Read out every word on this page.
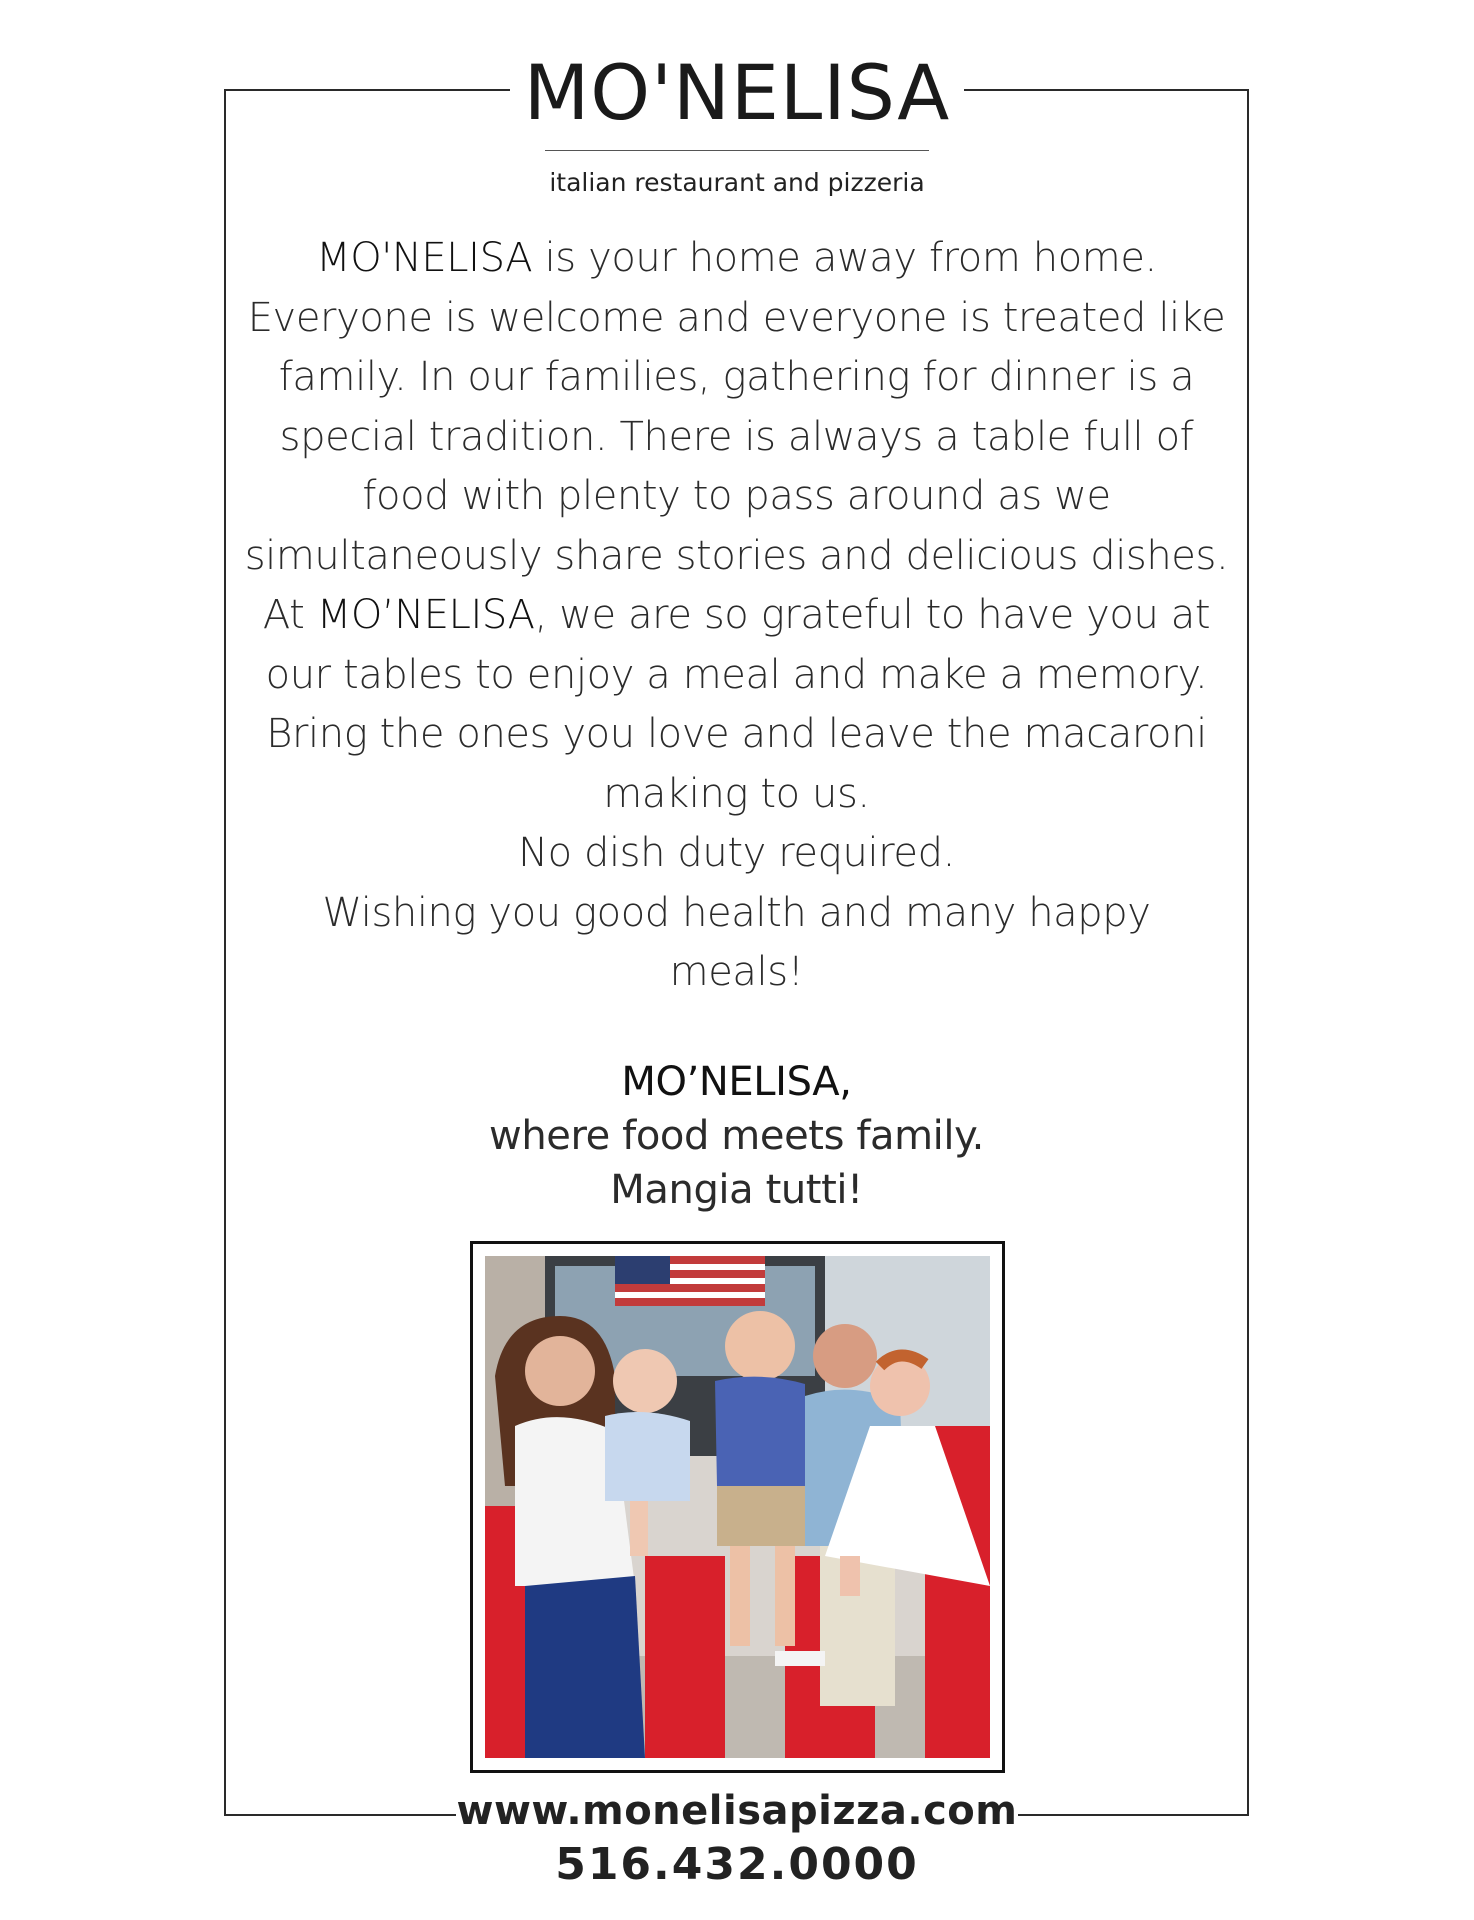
MO'NELISA
italian restaurant and pizzeria
MO'NELISA is your home away from home. Everyone is welcome and everyone is treated like family. In our families, gathering for dinner is a special tradition. There is always a table full of food with plenty to pass around as we simultaneously share stories and delicious dishes. At MO’NELISA, we are so grateful to have you at our tables to enjoy a meal and make a memory. Bring the ones you love and leave the macaroni making to us.
No dish duty required.
Wishing you good health and many happy meals!
MO’NELISA,
where food meets family.
Mangia tutti!
www.monelisapizza.com
516.432.0000
